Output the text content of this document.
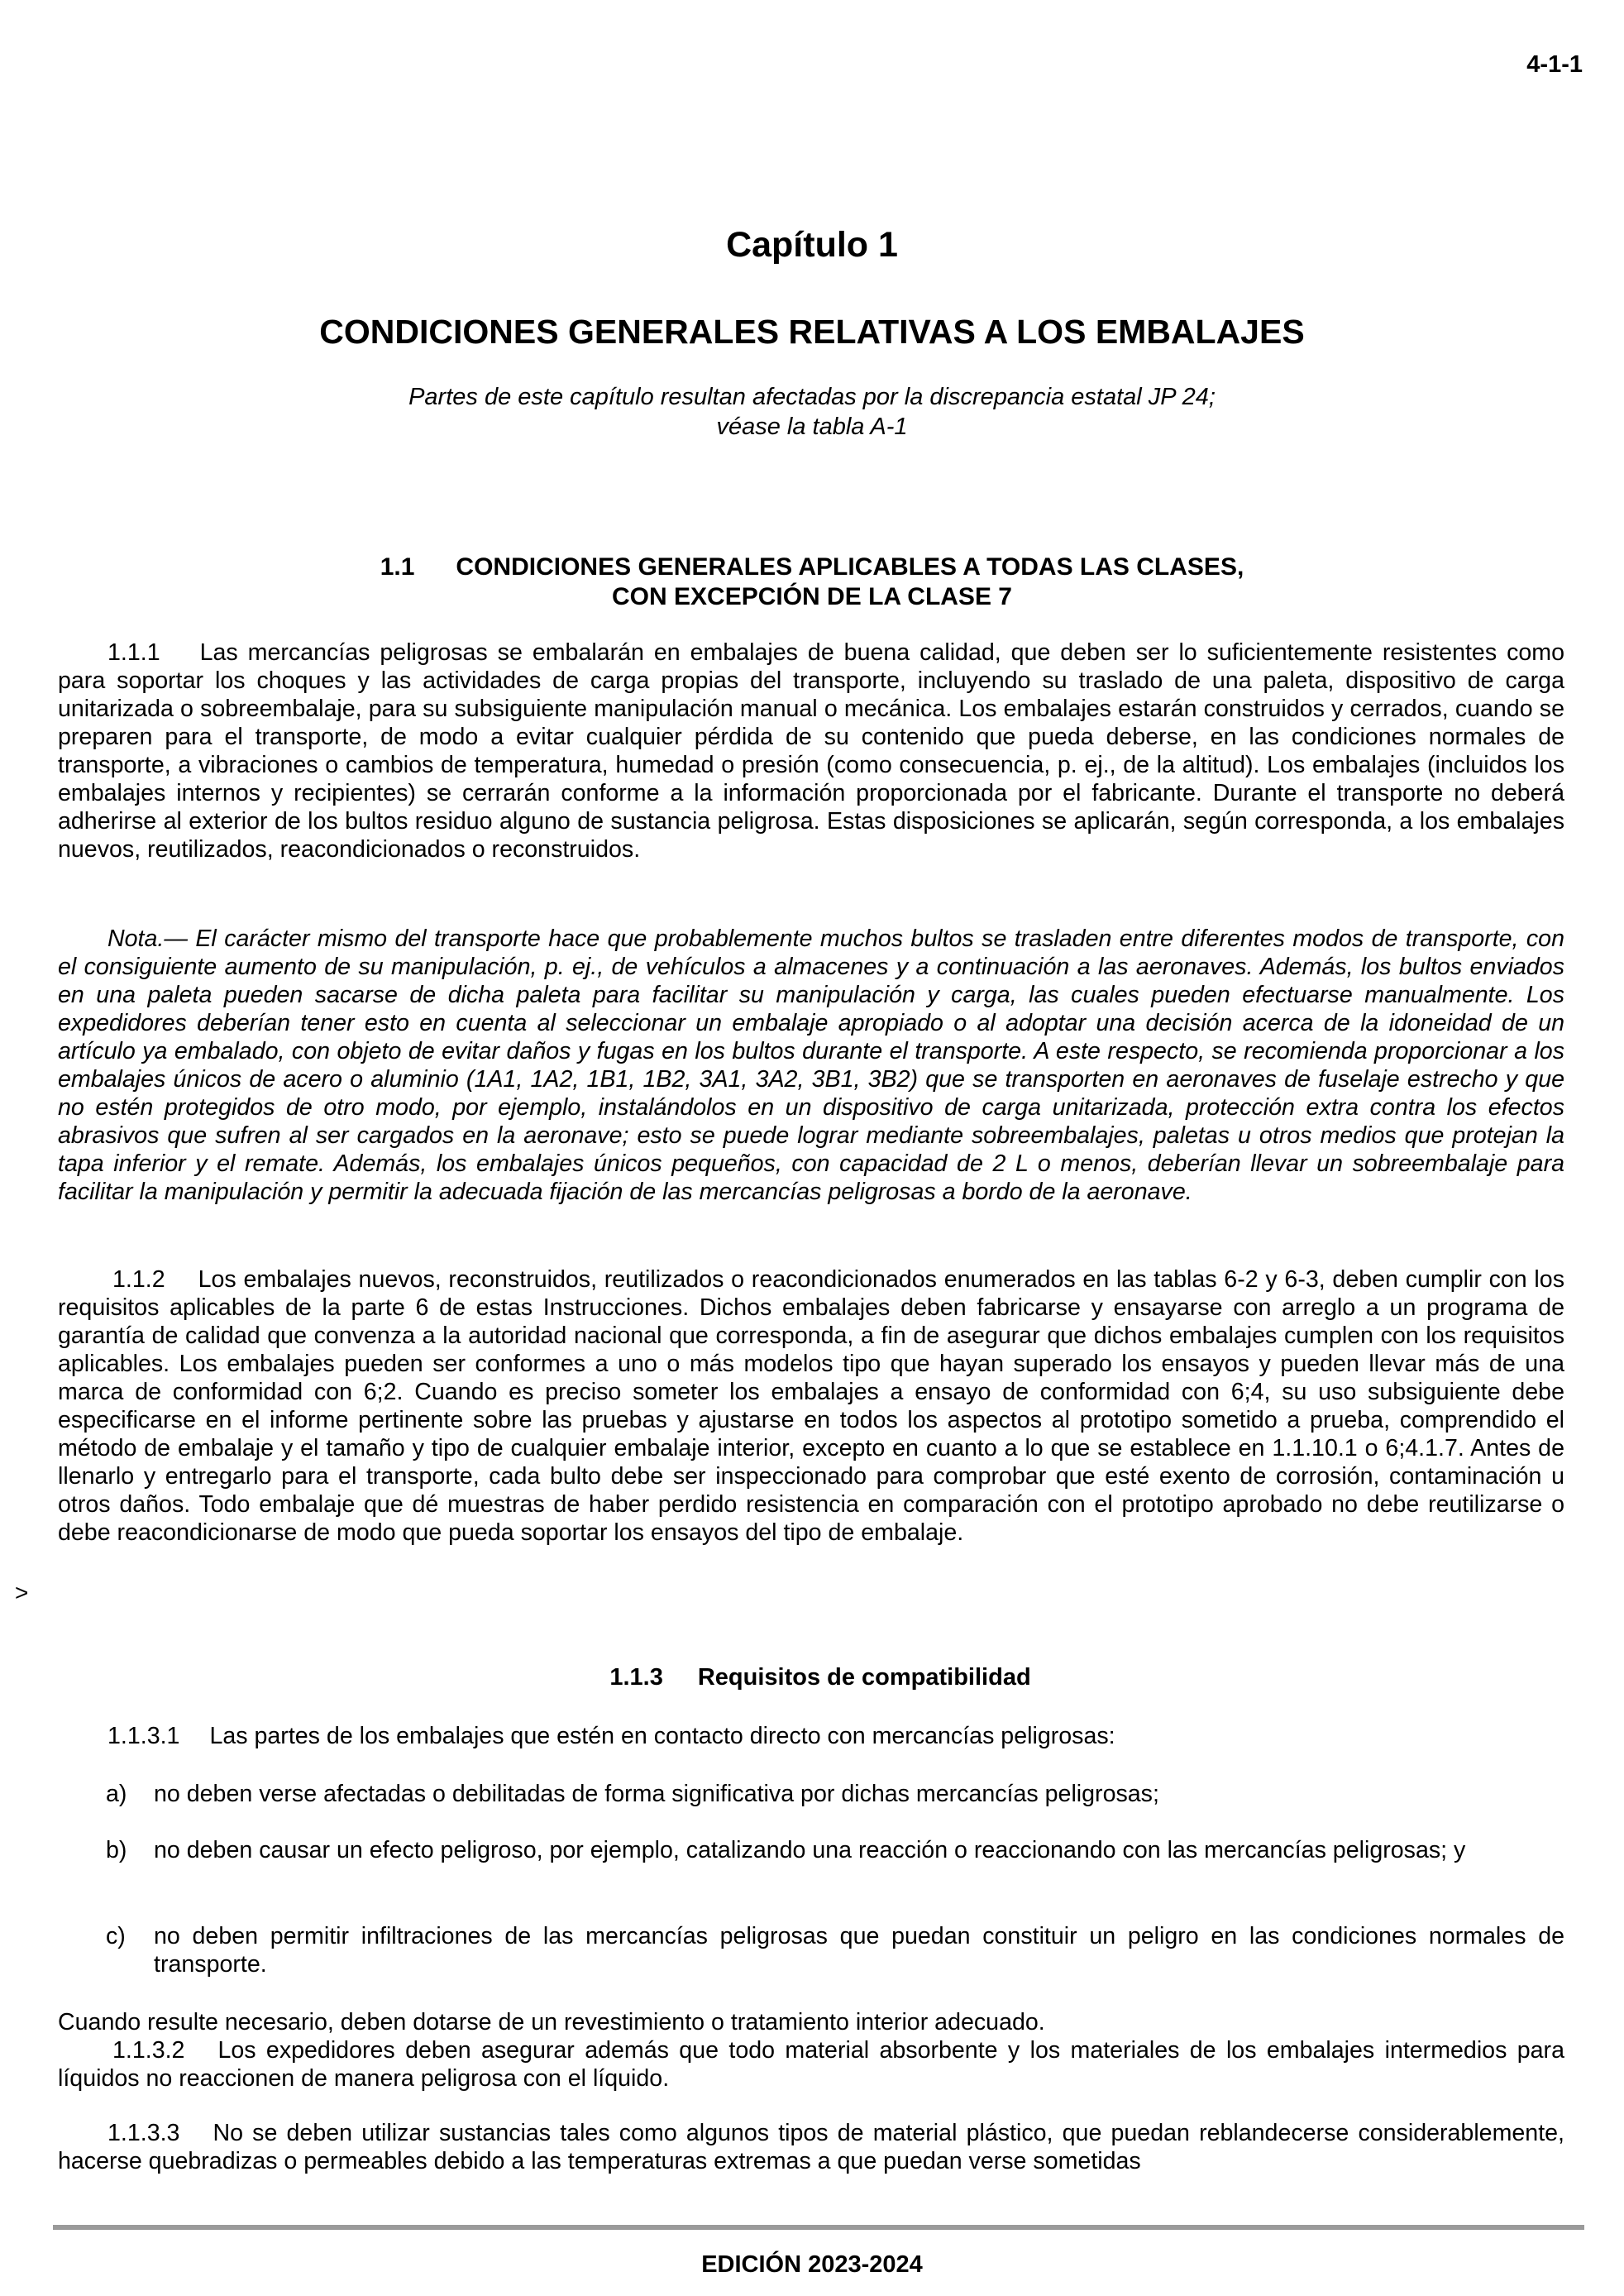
4-1-1
Capítulo 1
CONDICIONES GENERALES RELATIVAS A LOS EMBALAJES
Partes de este capítulo resultan afectadas por la discrepancia estatal JP 24;
véase la tabla A-1
1.1 CONDICIONES GENERALES APLICABLES A TODAS LAS CLASES,
CON EXCEPCIÓN DE LA CLASE 7
1.1.1 Las mercancías peligrosas se embalarán en embalajes de buena calidad, que deben ser lo suficientemente resistentes como para soportar los choques y las actividades de carga propias del transporte, incluyendo su traslado de una paleta, dispositivo de carga unitarizada o sobreembalaje, para su subsiguiente manipulación manual o mecánica. Los embalajes estarán construidos y cerrados, cuando se preparen para el transporte, de modo a evitar cualquier pérdida de su contenido que pueda deberse, en las condiciones normales de transporte, a vibraciones o cambios de temperatura, humedad o presión (como consecuencia, p. ej., de la altitud). Los embalajes (incluidos los embalajes internos y recipientes) se cerrarán conforme a la información proporcionada por el fabricante. Durante el transporte no deberá adherirse al exterior de los bultos residuo alguno de sustancia peligrosa. Estas disposiciones se aplicarán, según corresponda, a los embalajes nuevos, reutilizados, reacondicionados o reconstruidos.
Nota.— El carácter mismo del transporte hace que probablemente muchos bultos se trasladen entre diferentes modos de transporte, con el consiguiente aumento de su manipulación, p. ej., de vehículos a almacenes y a continuación a las aeronaves. Además, los bultos enviados en una paleta pueden sacarse de dicha paleta para facilitar su manipulación y carga, las cuales pueden efectuarse manualmente. Los expedidores deberían tener esto en cuenta al seleccionar un embalaje apropiado o al adoptar una decisión acerca de la idoneidad de un artículo ya embalado, con objeto de evitar daños y fugas en los bultos durante el transporte. A este respecto, se recomienda proporcionar a los embalajes únicos de acero o aluminio (1A1, 1A2, 1B1, 1B2, 3A1, 3A2, 3B1, 3B2) que se transporten en aeronaves de fuselaje estrecho y que no estén protegidos de otro modo, por ejemplo, instalándolos en un dispositivo de carga unitarizada, protección extra contra los efectos abrasivos que sufren al ser cargados en la aeronave; esto se puede lograr mediante sobreembalajes, paletas u otros medios que protejan la tapa inferior y el remate. Además, los embalajes únicos pequeños, con capacidad de 2 L o menos, deberían llevar un sobreembalaje para facilitar la manipulación y permitir la adecuada fijación de las mercancías peligrosas a bordo de la aeronave.
1.1.2 Los embalajes nuevos, reconstruidos, reutilizados o reacondicionados enumerados en las tablas 6-2 y 6-3, deben cumplir con los requisitos aplicables de la parte 6 de estas Instrucciones. Dichos embalajes deben fabricarse y ensayarse con arreglo a un programa de garantía de calidad que convenza a la autoridad nacional que corresponda, a fin de asegurar que dichos embalajes cumplen con los requisitos aplicables. Los embalajes pueden ser conformes a uno o más modelos tipo que hayan superado los ensayos y pueden llevar más de una marca de conformidad con 6;2. Cuando es preciso someter los embalajes a ensayo de conformidad con 6;4, su uso subsiguiente debe especificarse en el informe pertinente sobre las pruebas y ajustarse en todos los aspectos al prototipo sometido a prueba, comprendido el método de embalaje y el tamaño y tipo de cualquier embalaje interior, excepto en cuanto a lo que se establece en 1.1.10.1 o 6;4.1.7. Antes de llenarlo y entregarlo para el transporte, cada bulto debe ser inspeccionado para comprobar que esté exento de corrosión, contaminación u otros daños. Todo embalaje que dé muestras de haber perdido resistencia en comparación con el prototipo aprobado no debe reutilizarse o debe reacondicionarse de modo que pueda soportar los ensayos del tipo de embalaje.
>
1.1.3 Requisitos de compatibilidad
1.1.3.1 Las partes de los embalajes que estén en contacto directo con mercancías peligrosas:
a) no deben verse afectadas o debilitadas de forma significativa por dichas mercancías peligrosas;
b) no deben causar un efecto peligroso, por ejemplo, catalizando una reacción o reaccionando con las mercancías peligrosas; y
c) no deben permitir infiltraciones de las mercancías peligrosas que puedan constituir un peligro en las condiciones normales de transporte.
Cuando resulte necesario, deben dotarse de un revestimiento o tratamiento interior adecuado.
1.1.3.2 Los expedidores deben asegurar además que todo material absorbente y los materiales de los embalajes intermedios para líquidos no reaccionen de manera peligrosa con el líquido.
1.1.3.3 No se deben utilizar sustancias tales como algunos tipos de material plástico, que puedan reblandecerse considerablemente, hacerse quebradizas o permeables debido a las temperaturas extremas a que puedan verse sometidas
EDICIÓN 2023-2024
